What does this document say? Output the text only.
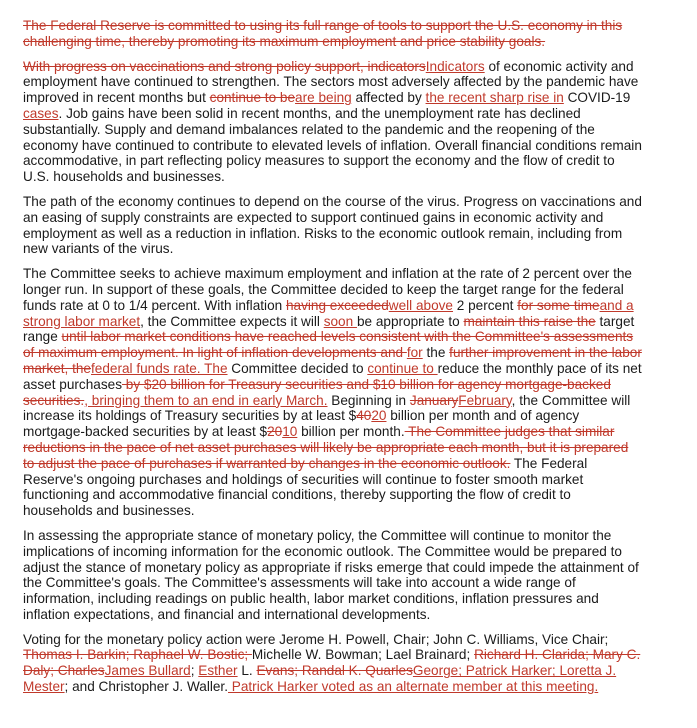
The Federal Reserve is committed to using its full range of tools to support the U.S. economy in this challenging time, thereby promoting its maximum employment and price stability goals.

With progress on vaccinations and strong policy support, indicatorsIndicators of economic activity and employment have continued to strengthen. The sectors most adversely affected by the pandemic have improved in recent months but continue to beare being affected by the recent sharp rise in COVID-19 cases. Job gains have been solid in recent months, and the unemployment rate has declined substantially. Supply and demand imbalances related to the pandemic and the reopening of the economy have continued to contribute to elevated levels of inflation. Overall financial conditions remain accommodative, in part reflecting policy measures to support the economy and the flow of credit to U.S. households and businesses.

The path of the economy continues to depend on the course of the virus. Progress on vaccinations and an easing of supply constraints are expected to support continued gains in economic activity and employment as well as a reduction in inflation. Risks to the economic outlook remain, including from new variants of the virus.

The Committee seeks to achieve maximum employment and inflation at the rate of 2 percent over the longer run. In support of these goals, the Committee decided to keep the target range for the federal funds rate at 0 to 1/4 percent. With inflation having exceededwell above 2 percent for some timeand a strong labor market, the Committee expects it will soon be appropriate to maintain this raise the target range until labor market conditions have reached levels consistent with the Committee's assessments of maximum employment. In light of inflation developments and for the further improvement in the labor market, thefederal funds rate. The Committee decided to continue to reduce the monthly pace of its net asset purchases by $20 billion for Treasury securities and $10 billion for agency mortgage-backed securities., bringing them to an end in early March. Beginning in JanuaryFebruary, the Committee will increase its holdings of Treasury securities by at least $4020 billion per month and of agency mortgage-backed securities by at least $2010 billion per month. The Committee judges that similar reductions in the pace of net asset purchases will likely be appropriate each month, but it is prepared to adjust the pace of purchases if warranted by changes in the economic outlook. The Federal Reserve's ongoing purchases and holdings of securities will continue to foster smooth market functioning and accommodative financial conditions, thereby supporting the flow of credit to households and businesses.

In assessing the appropriate stance of monetary policy, the Committee will continue to monitor the implications of incoming information for the economic outlook. The Committee would be prepared to adjust the stance of monetary policy as appropriate if risks emerge that could impede the attainment of the Committee's goals. The Committee's assessments will take into account a wide range of information, including readings on public health, labor market conditions, inflation pressures and inflation expectations, and financial and international developments.

Voting for the monetary policy action were Jerome H. Powell, Chair; John C. Williams, Vice Chair; Thomas I. Barkin; Raphael W. Bostic; Michelle W. Bowman; Lael Brainard; Richard H. Clarida; Mary C. Daly; CharlesJames Bullard; Esther L. Evans; Randal K. QuarlesGeorge; Patrick Harker; Loretta J. Mester; and Christopher J. Waller. Patrick Harker voted as an alternate member at this meeting.
